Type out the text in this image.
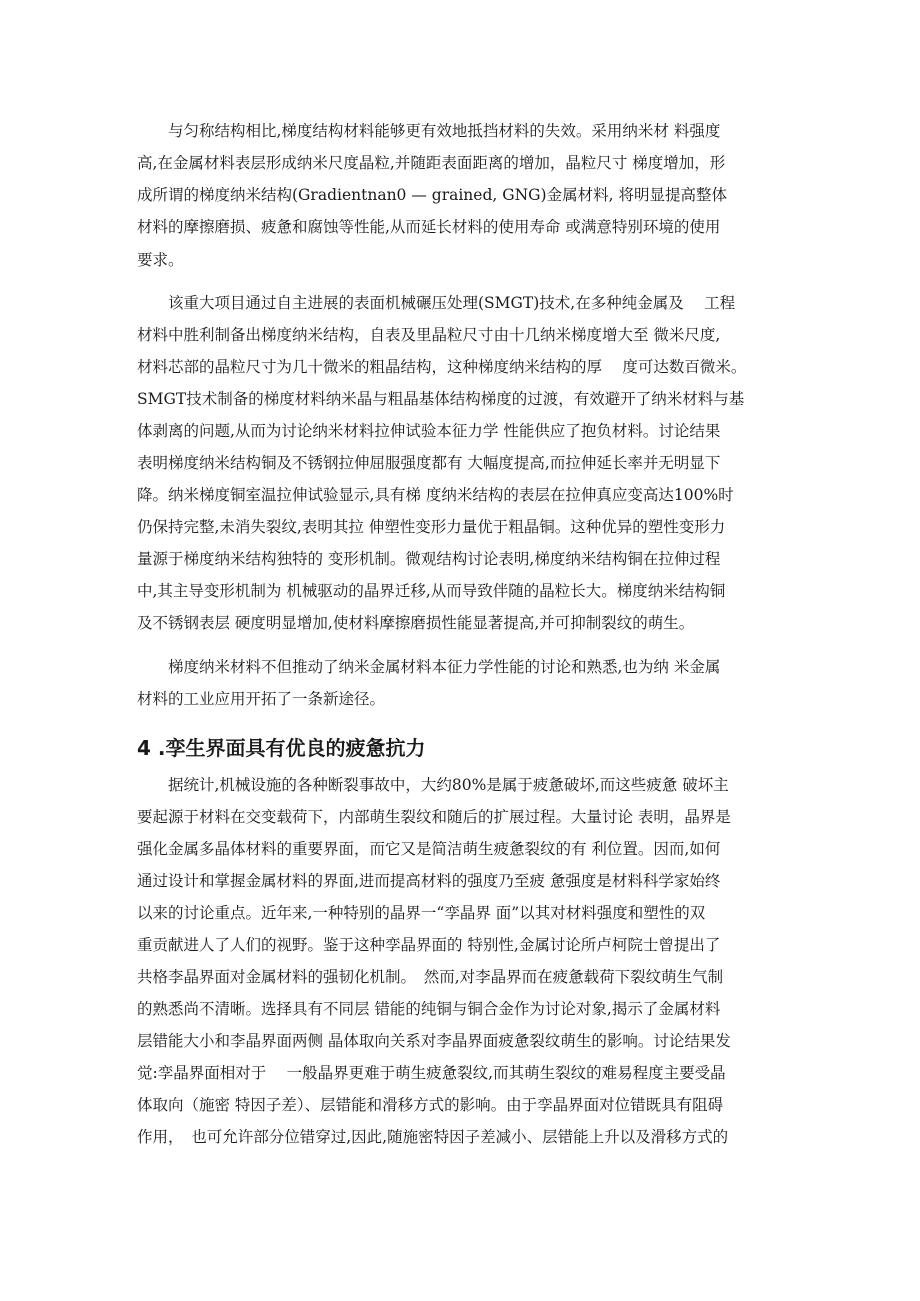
与匀称结构相比,梯度结构材料能够更有效地抵挡材料的失效。采用纳米材 料强度
高,在金属材料表层形成纳米尺度晶粒,并随距表面距离的增加，晶粒尺寸 梯度增加，形
成所谓的梯度纳米结构(Gradientnan0 — grained, GNG)金属材料, 将明显提高整体
材料的摩擦磨损、疲惫和腐蚀等性能,从而延长材料的使用寿命 或满意特别环境的使用
要求。
该重大项目通过自主进展的表面机械碾压处理(SMGT)技术,在多种纯金属及　 工程
材料中胜利制备出梯度纳米结构，自表及里晶粒尺寸由十几纳米梯度增大至 微米尺度,
材料芯部的晶粒尺寸为几十微米的粗晶结构，这种梯度纳米结构的厚　 度可达数百微米。
SMGT技术制备的梯度材料纳米晶与粗晶基体结构梯度的过渡，有效避开了纳米材料与基
体剥离的问题,从而为讨论纳米材料拉伸试验本征力学 性能供应了抱负材料。讨论结果
表明梯度纳米结构铜及不锈钢拉伸屈服强度都有 大幅度提高,而拉伸延长率并无明显下
降。纳米梯度铜室温拉伸试验显示,具有梯 度纳米结构的表层在拉伸真应变高达100%时
仍保持完整,未消失裂纹,表明其拉 伸塑性变形力量优于粗晶铜。这种优异的塑性变形力
量源于梯度纳米结构独特的 变形机制。微观结构讨论表明,梯度纳米结构铜在拉伸过程
中,其主导变形机制为 机械驱动的晶界迁移,从而导致伴随的晶粒长大。梯度纳米结构铜
及不锈钢表层 硬度明显增加,使材料摩擦磨损性能显著提高,并可抑制裂纹的萌生。
梯度纳米材料不但推动了纳米金属材料本征力学性能的讨论和熟悉,也为纳 米金属
材料的工业应用开拓了一条新途径。
4 .孪生界面具有优良的疲惫抗力
据统计,机械设施的各种断裂事故中，大约80%是属于疲惫破坏,而这些疲惫 破坏主
要起源于材料在交变载荷下，内部萌生裂纹和随后的扩展过程。大量讨论 表明，晶界是
强化金属多晶体材料的重要界面，而它又是简洁萌生疲惫裂纹的有 利位置。因而,如何
通过设计和掌握金属材料的界面,进而提高材料的强度乃至疲 惫强度是材料科学家始终
以来的讨论重点。近年来,一种特别的晶界一“孪晶界 面”以其对材料强度和塑性的双
重贡献进人了人们的视野。鉴于这种孪晶界面的 特别性,金属讨论所卢柯院士曾提出了
共格李晶界面对金属材料的强韧化机制。　然而,对李晶界而在疲惫载荷下裂纹萌生气制
的熟悉尚不清晰。选择具有不同层 错能的纯铜与铜合金作为讨论对象,揭示了金属材料
层错能大小和李晶界面两侧 晶体取向关系对李晶界面疲惫裂纹萌生的影响。讨论结果发
觉:孪晶界面相对于　 一般晶界更难于萌生疲惫裂纹,而其萌生裂纹的难易程度主要受晶
体取向（施密 特因子差）、层错能和滑移方式的影响。由于孪晶界面对位错既具有阻碍
作用，　也可允许部分位错穿过,因此,随施密特因子差减小、层错能上升以及滑移方式的
